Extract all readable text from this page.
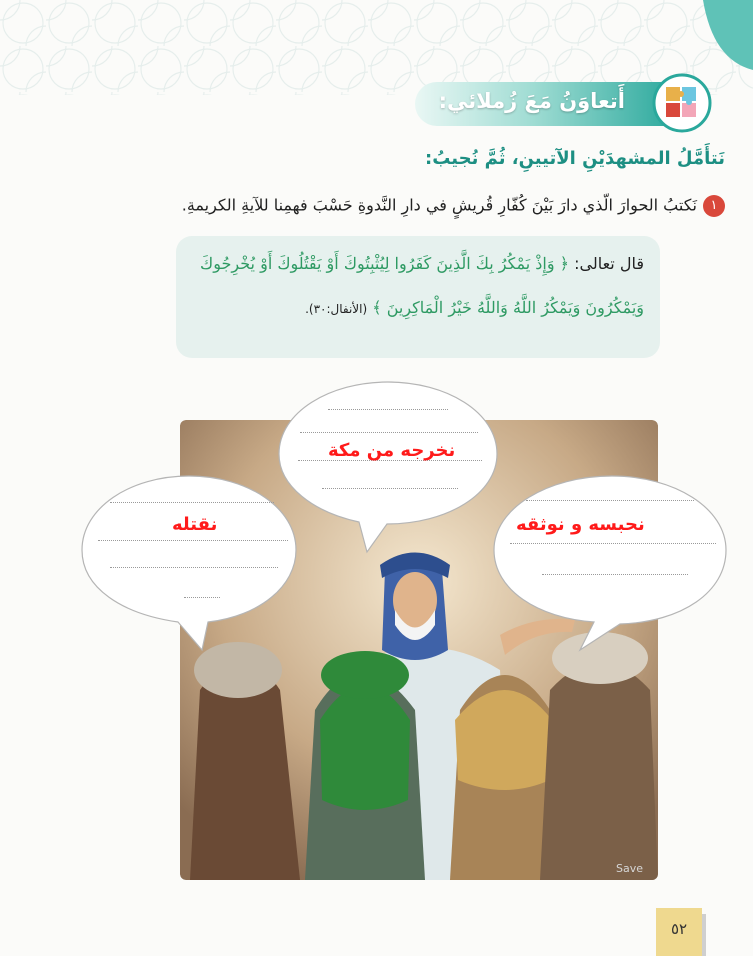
أَتعاوَنُ مَعَ زُملائي:
نَتأَمَّلُ المشهدَيْنِ الآتيينِ، ثُمَّ نُجيبُ:
١نَكتبُ الحوارَ الّذي دارَ بَيْنَ كُفّارِ قُريشٍ في دارِ النَّدوةِ حَسْبَ فهمِنا للآيةِ الكريمةِ.
قال تعالى: ﴿ وَإِذْ يَمْكُرُ بِكَ الَّذِينَ كَفَرُوا لِيُثْبِتُوكَ أَوْ يَقْتُلُوكَ أَوْ يُخْرِجُوكَ
وَيَمْكُرُونَ وَيَمْكُرُ اللَّهُ وَاللَّهُ خَيْرُ الْمَاكِرِينَ ﴾ (الأنفال:٣٠).
نخرجه من مكة
نقتله	نحبسه و نوثقه
Save
٥٢
